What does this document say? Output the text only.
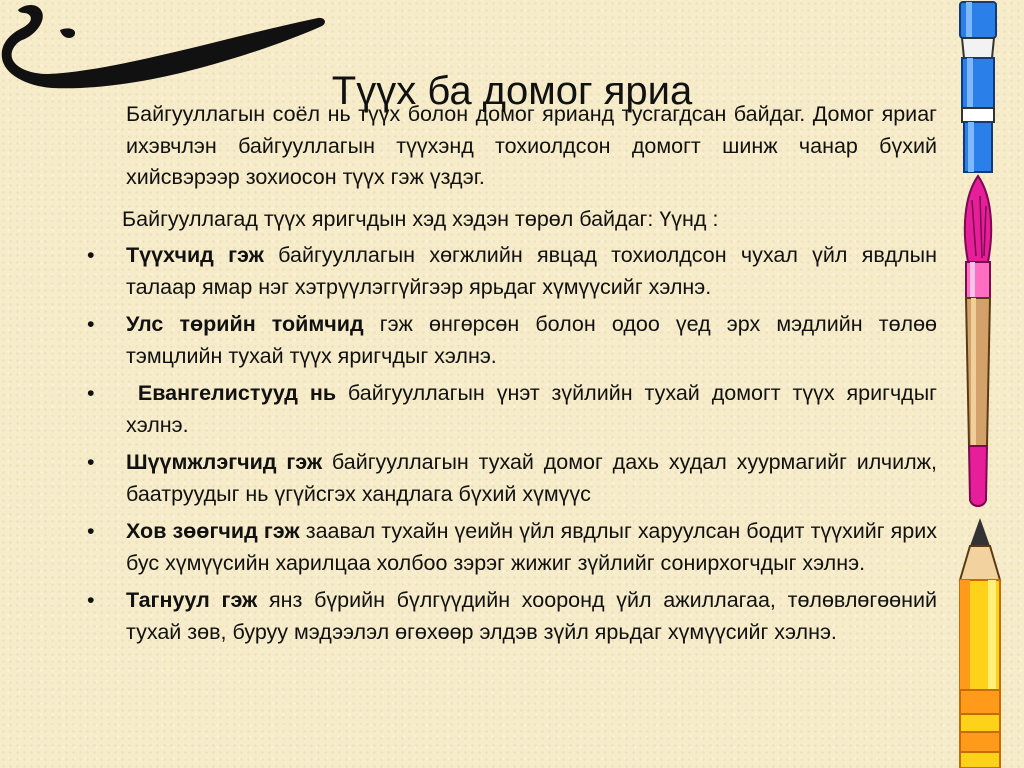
Түүх ба домог яриа
Байгууллагын соёл нь түүх болон домог ярианд тусгагдсан байдаг. Домог яриаг ихэвчлэн байгууллагын түүхэнд тохиолдсон домогт шинж чанар бүхий хийсвэрээр зохиосон түүх гэж үздэг.
Байгууллагад түүх яригчдын хэд хэдэн төрөл байдаг: Үүнд :
• Түүхчид гэж байгууллагын хөгжлийн явцад тохиолдсон чухал үйл явдлын талаар ямар нэг хэтрүүлэггүйгээр ярьдаг хүмүүсийг хэлнэ.
• Улс төрийн тоймчид гэж өнгөрсөн болон одоо үед эрх мэдлийн төлөө тэмцлийн тухай түүх яригчдыг хэлнэ.
• Евангелистууд нь байгууллагын үнэт зүйлийн тухай домогт түүх яригчдыг хэлнэ.
• Шүүмжлэгчид гэж байгууллагын тухай домог дахь худал хуурмагийг илчилж, баатруудыг нь үгүйсгэх хандлага бүхий хүмүүс
• Хов зөөгчид гэж заавал тухайн үеийн үйл явдлыг харуулсан бодит түүхийг ярих бус хүмүүсийн харилцаа холбоо зэрэг жижиг зүйлийг сонирхогчдыг хэлнэ.
• Тагнуул гэж янз бүрийн бүлгүүдийн хооронд үйл ажиллагаа, төлөвлөгөөний тухай зөв, буруу мэдээлэл өгөхөөр элдэв зүйл ярьдаг хүмүүсийг хэлнэ.
